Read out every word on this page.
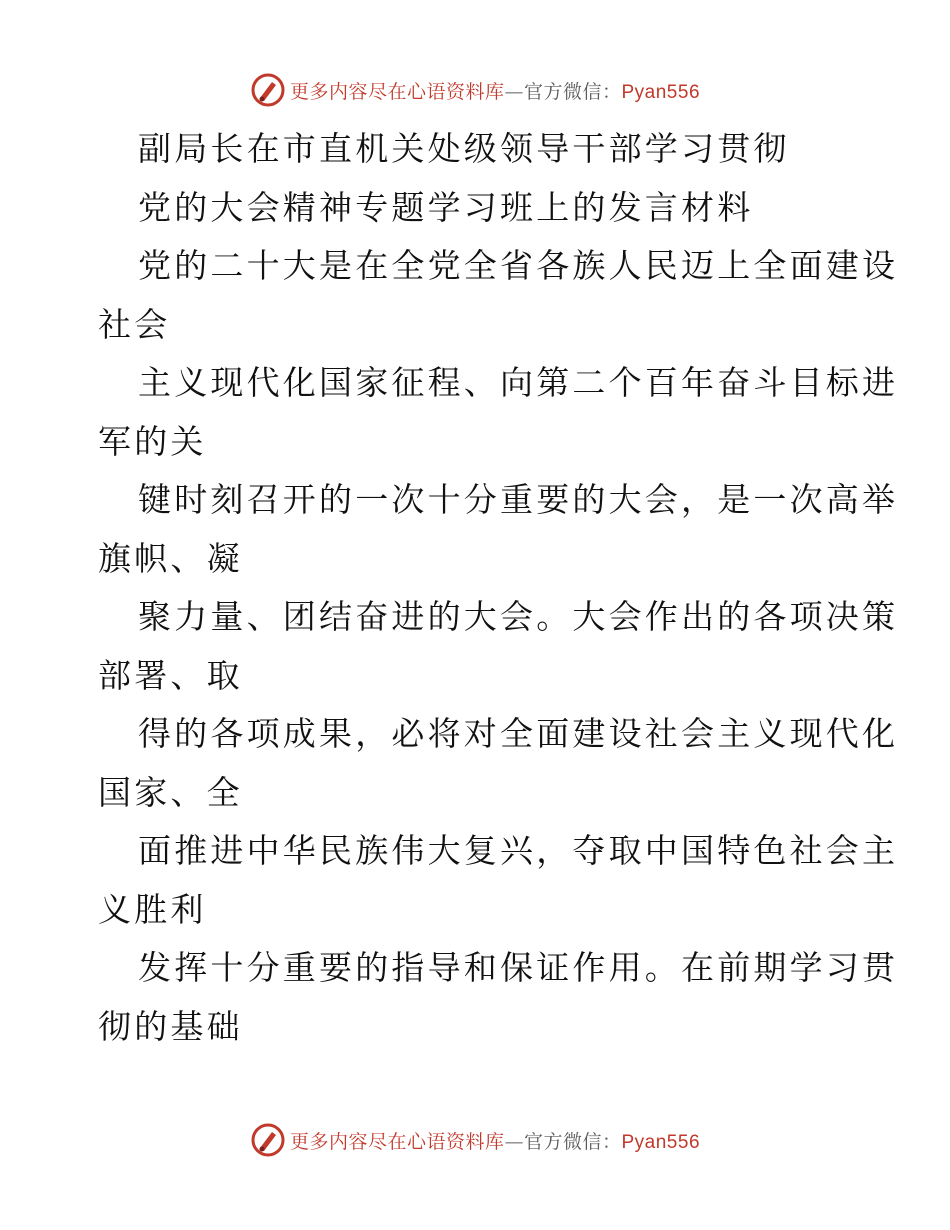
更多内容尽在心语资料库—官方微信：Pyan556
副局长在市直机关处级领导干部学习贯彻
党的大会精神专题学习班上的发言材料
党的二十大是在全党全省各族人民迈上全面建设
社会
主义现代化国家征程、向第二个百年奋斗目标进
军的关
键时刻召开的一次十分重要的大会，是一次高举
旗帜、凝
聚力量、团结奋进的大会。大会作出的各项决策
部署、取
得的各项成果，必将对全面建设社会主义现代化
国家、全
面推进中华民族伟大复兴，夺取中国特色社会主
义胜利
发挥十分重要的指导和保证作用。在前期学习贯
彻的基础
更多内容尽在心语资料库—官方微信：Pyan556
